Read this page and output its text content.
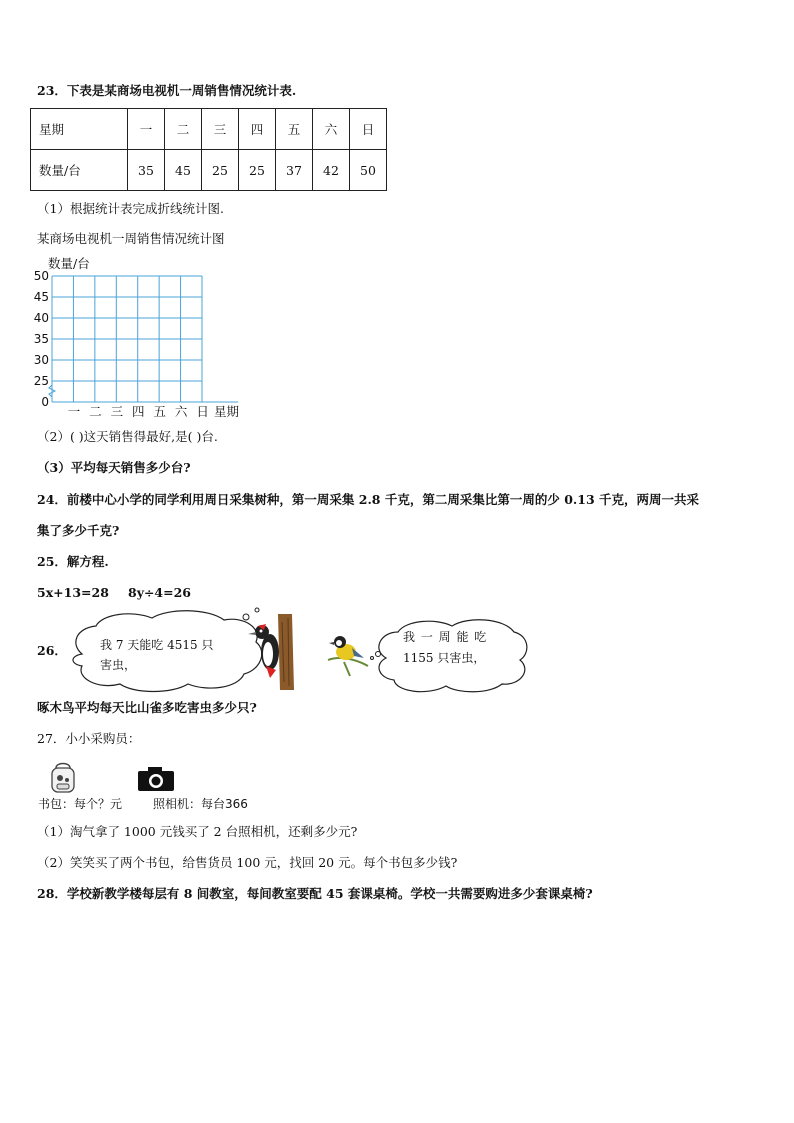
23．下表是某商场电视机一周销售情况统计表.
星期	一	二	三	四	五	六	日
数量/台	35	45	25	25	37	42	50
（1）根据统计表完成折线统计图.
某商场电视机一周销售情况统计图
数量/台
0
25
30
35
40
45
50
一 二 三 四 五 六 日 星期
（2）( )这天销售得最好,是( )台.
（3）平均每天销售多少台?
24．前楼中心小学的同学利用周日采集树种，第一周采集 2.8 千克，第二周采集比第一周的少 0.13 千克，两周一共采
集了多少千克?
25．解方程.
5x+13=28 8y÷4=26
26．	我 7 天能吃 4515 只
害虫，
我 一 周 能 吃
1155 只害虫，
啄木鸟平均每天比山雀多吃害虫多少只?
27．小小采购员：
书包：每个？元	照相机：每台366
（1）淘气拿了 1000 元钱买了 2 台照相机，还剩多少元?
（2）笑笑买了两个书包，给售货员 100 元，找回 20 元。每个书包多少钱?
28．学校新教学楼每层有 8 间教室，每间教室要配 45 套课桌椅。学校一共需要购进多少套课桌椅?
